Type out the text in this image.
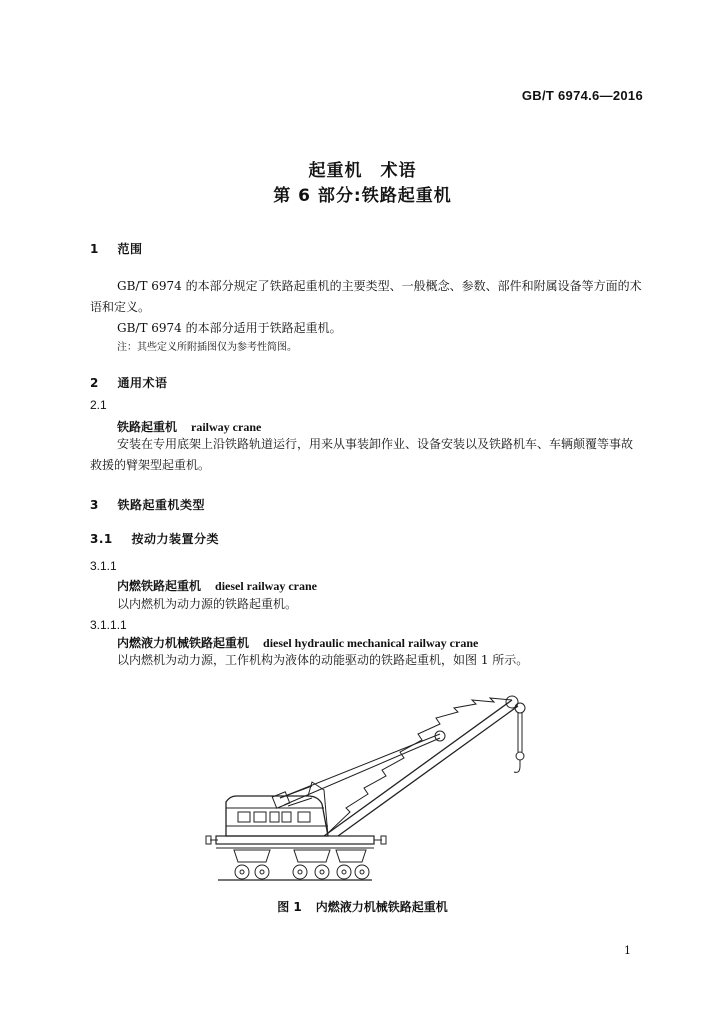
GB/T 6974.6—2016
起重机　术语
第 6 部分:铁路起重机
1 范围
GB/T 6974 的本部分规定了铁路起重机的主要类型、一般概念、参数、部件和附属设备等方面的术语和定义。
GB/T 6974 的本部分适用于铁路起重机。
注：其些定义所附插图仅为参考性简图。
2 通用术语
2.1
铁路起重机 railway crane
安装在专用底架上沿铁路轨道运行，用来从事装卸作业、设备安装以及铁路机车、车辆颠覆等事故救援的臂架型起重机。
3 铁路起重机类型
3.1 按动力装置分类
3.1.1
内燃铁路起重机 diesel railway crane
以内燃机为动力源的铁路起重机。
3.1.1.1
内燃液力机械铁路起重机 diesel hydraulic mechanical railway crane
以内燃机为动力源，工作机构为液体的动能驱动的铁路起重机，如图 1 所示。
图 1 内燃液力机械铁路起重机
1
